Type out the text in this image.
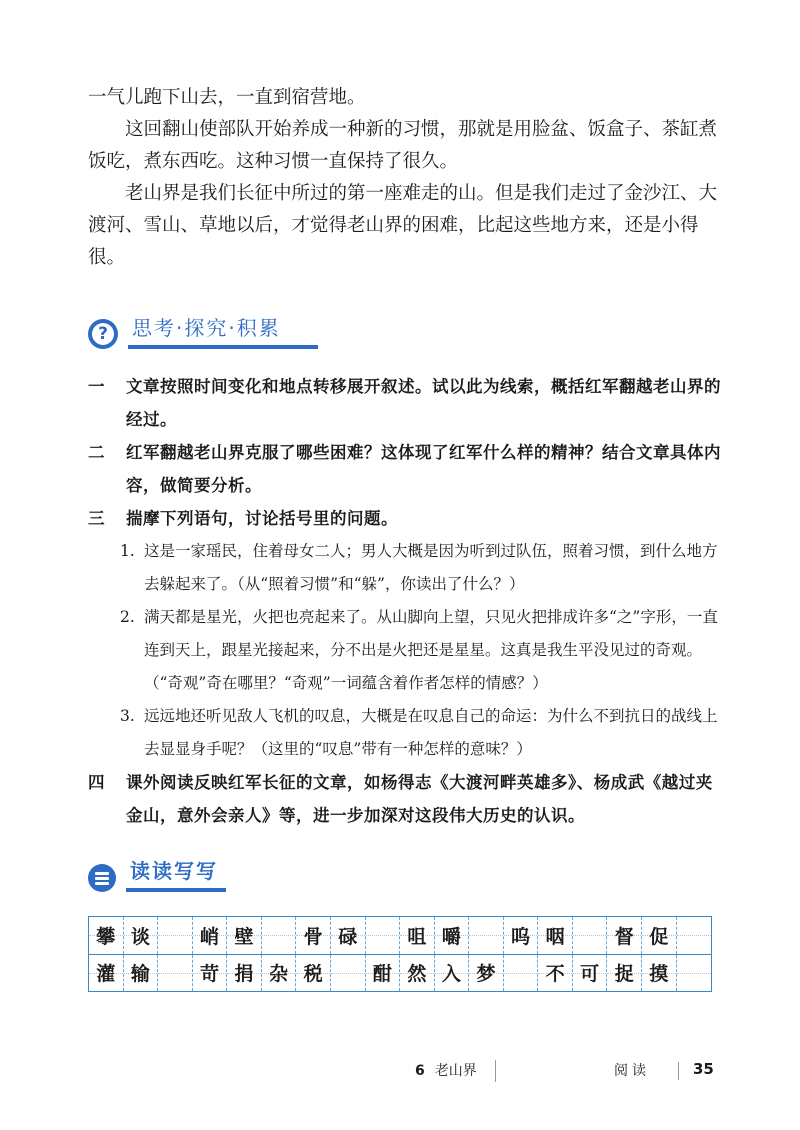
一气儿跑下山去，一直到宿营地。

这回翻山使部队开始养成一种新的习惯，那就是用脸盆、饭盒子、茶缸煮饭吃，煮东西吃。这种习惯一直保持了很久。

老山界是我们长征中所过的第一座难走的山。但是我们走过了金沙江、大渡河、雪山、草地以后，才觉得老山界的困难，比起这些地方来，还是小得很。

?	思考·探究·积累
一	文章按照时间变化和地点转移展开叙述。试以此为线索，概括红军翻越老山界的经过。
二	红军翻越老山界克服了哪些困难？这体现了红军什么样的精神？结合文章具体内容，做简要分析。
三	揣摩下列语句，讨论括号里的问题。
1. 这是一家瑶民，住着母女二人；男人大概是因为听到过队伍，照着习惯，到什么地方去躲起来了。（从“照着习惯”和“躲”，你读出了什么？）
2. 满天都是星光，火把也亮起来了。从山脚向上望，只见火把排成许多“之”字形，一直连到天上，跟星光接起来，分不出是火把还是星星。这真是我生平没见过的奇观。（“奇观”奇在哪里？“奇观”一词蕴含着作者怎样的情感？）
3. 远远地还听见敌人飞机的叹息，大概是在叹息自己的命运：为什么不到抗日的战线上去显显身手呢？（这里的“叹息”带有一种怎样的意味？）
四	课外阅读反映红军长征的文章，如杨得志《大渡河畔英雄多》、杨成武《越过夹金山，意外会亲人》等，进一步加深对这段伟大历史的认识。
读读写写
攀 谈	峭 壁	骨 碌	咀 嚼	呜 咽	督 促
灌 输	苛 捐 杂 税	酣 然 入 梦	不 可 捉 摸
6 老山界	阅读	35
